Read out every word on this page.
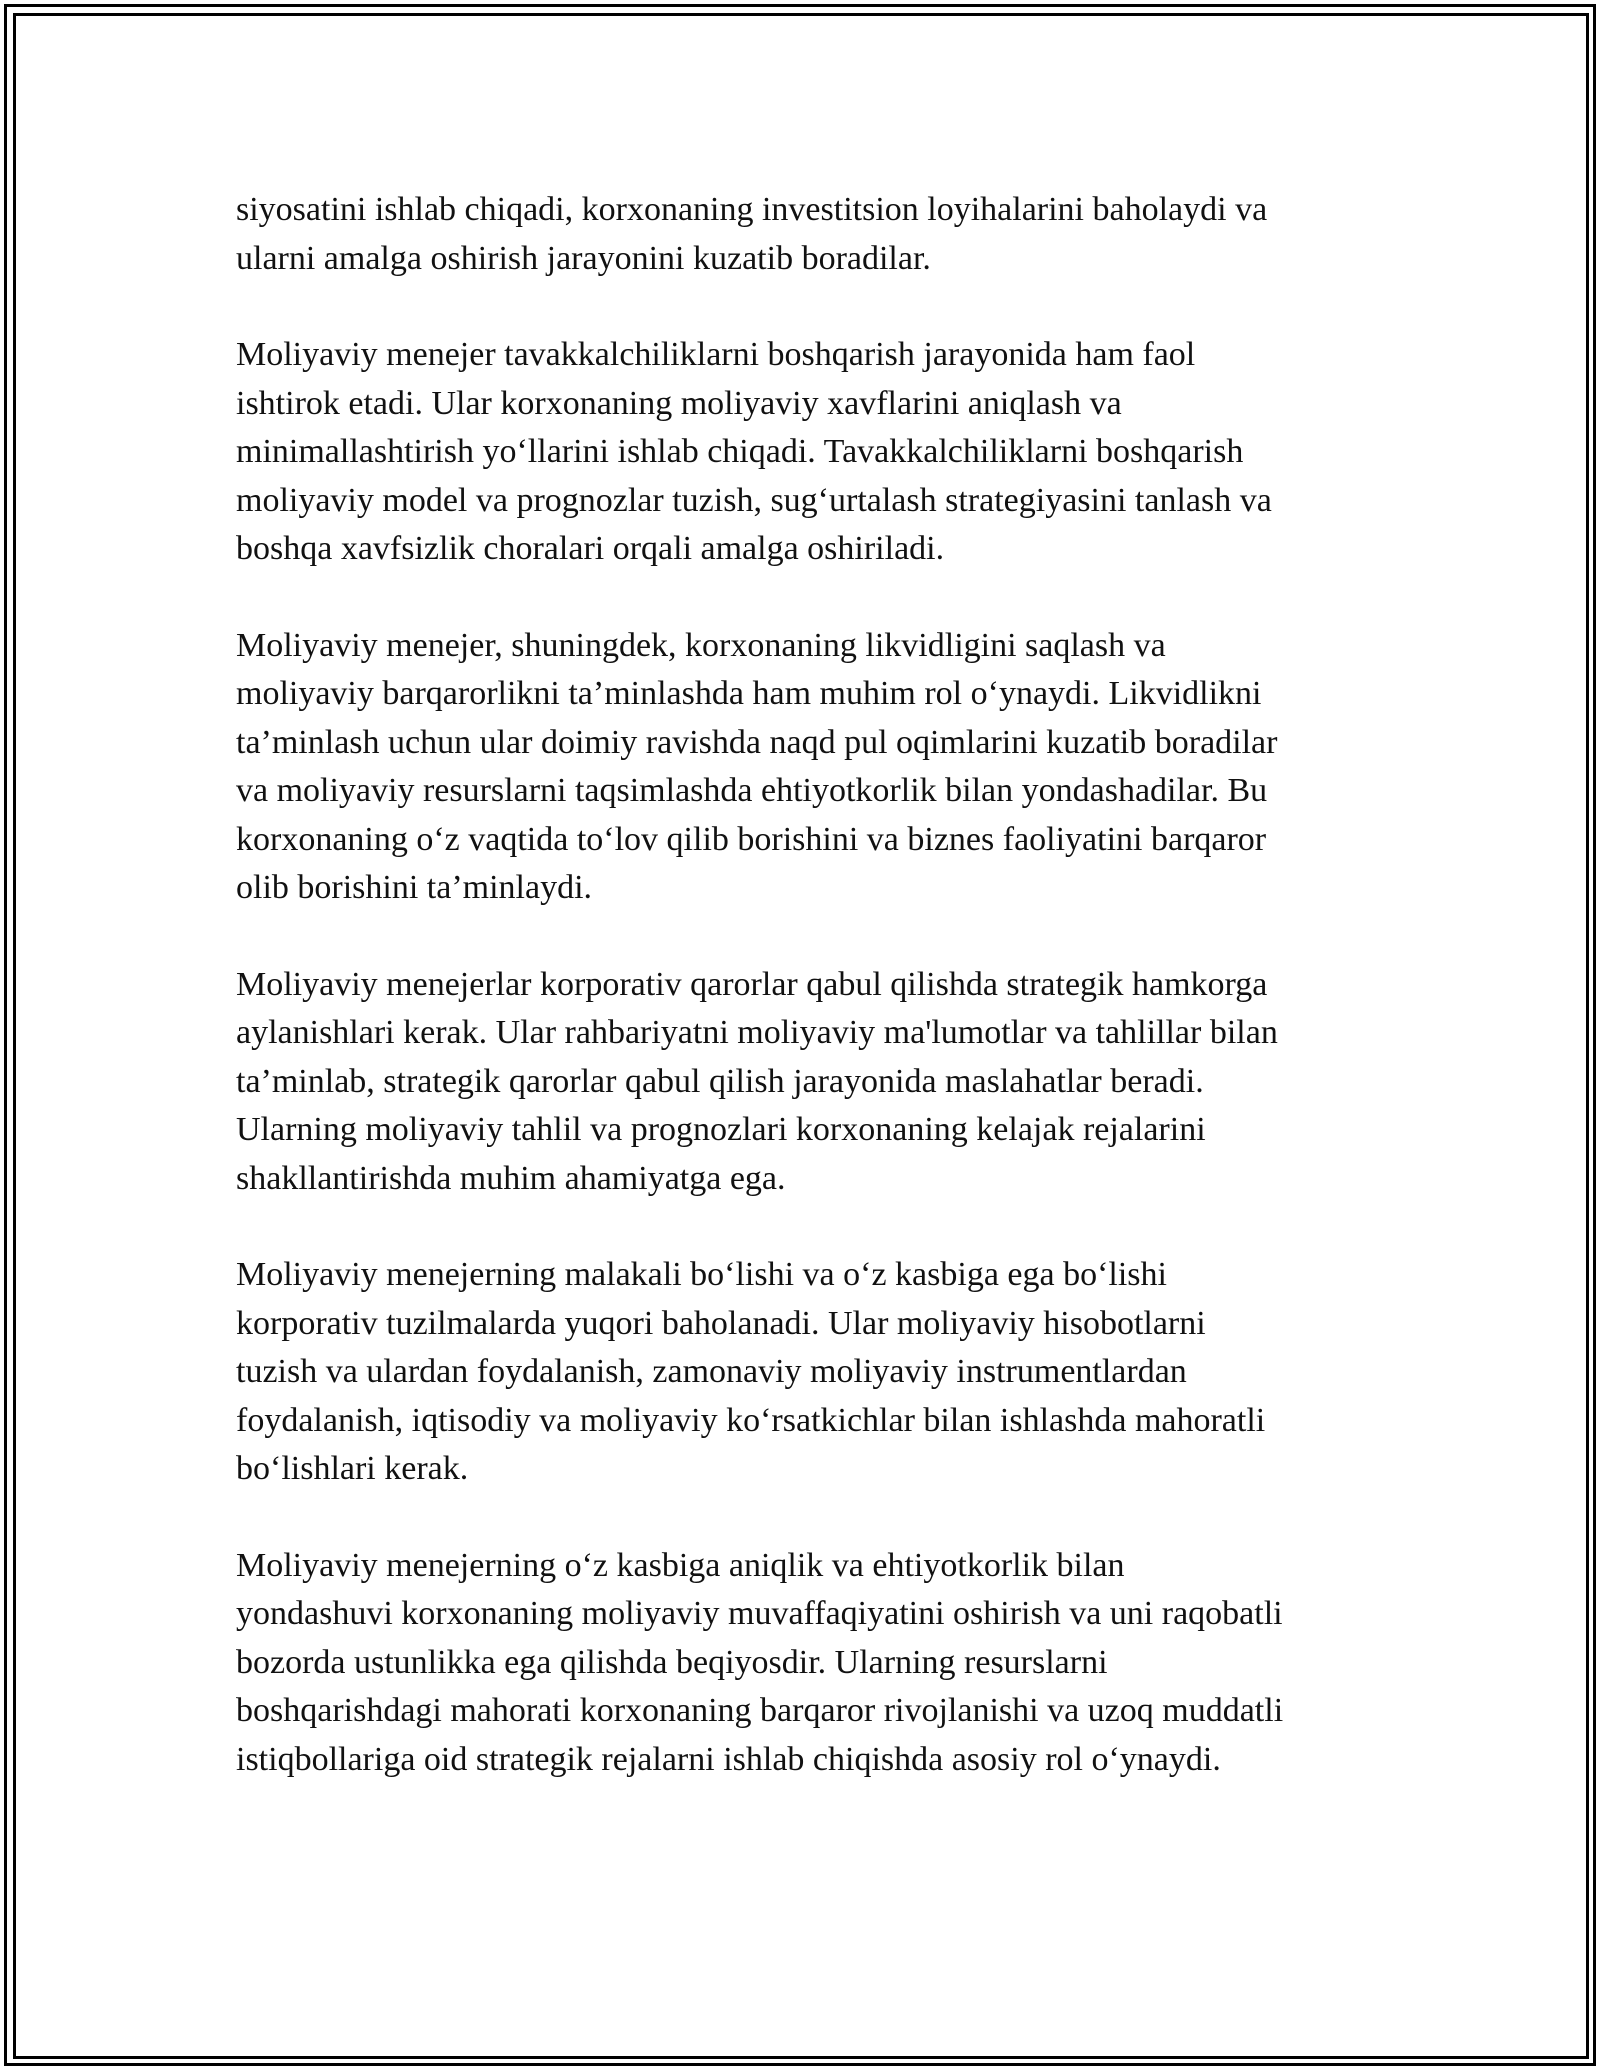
siyosatini ishlab chiqadi, korxonaning investitsion loyihalarini baholaydi va
ularni amalga oshirish jarayonini kuzatib boradilar.

Moliyaviy menejer tavakkalchiliklarni boshqarish jarayonida ham faol
ishtirok etadi. Ular korxonaning moliyaviy xavflarini aniqlash va
minimallashtirish yo‘llarini ishlab chiqadi. Tavakkalchiliklarni boshqarish
moliyaviy model va prognozlar tuzish, sug‘urtalash strategiyasini tanlash va
boshqa xavfsizlik choralari orqali amalga oshiriladi.

Moliyaviy menejer, shuningdek, korxonaning likvidligini saqlash va
moliyaviy barqarorlikni ta’minlashda ham muhim rol o‘ynaydi. Likvidlikni
ta’minlash uchun ular doimiy ravishda naqd pul oqimlarini kuzatib boradilar
va moliyaviy resurslarni taqsimlashda ehtiyotkorlik bilan yondashadilar. Bu
korxonaning o‘z vaqtida to‘lov qilib borishini va biznes faoliyatini barqaror
olib borishini ta’minlaydi.

Moliyaviy menejerlar korporativ qarorlar qabul qilishda strategik hamkorga
aylanishlari kerak. Ular rahbariyatni moliyaviy ma'lumotlar va tahlillar bilan
ta’minlab, strategik qarorlar qabul qilish jarayonida maslahatlar beradi.
Ularning moliyaviy tahlil va prognozlari korxonaning kelajak rejalarini
shakllantirishda muhim ahamiyatga ega.

Moliyaviy menejerning malakali bo‘lishi va o‘z kasbiga ega bo‘lishi
korporativ tuzilmalarda yuqori baholanadi. Ular moliyaviy hisobotlarni
tuzish va ulardan foydalanish, zamonaviy moliyaviy instrumentlardan
foydalanish, iqtisodiy va moliyaviy ko‘rsatkichlar bilan ishlashda mahoratli
bo‘lishlari kerak.

Moliyaviy menejerning o‘z kasbiga aniqlik va ehtiyotkorlik bilan
yondashuvi korxonaning moliyaviy muvaffaqiyatini oshirish va uni raqobatli
bozorda ustunlikka ega qilishda beqiyosdir. Ularning resurslarni
boshqarishdagi mahorati korxonaning barqaror rivojlanishi va uzoq muddatli
istiqbollariga oid strategik rejalarni ishlab chiqishda asosiy rol o‘ynaydi.
